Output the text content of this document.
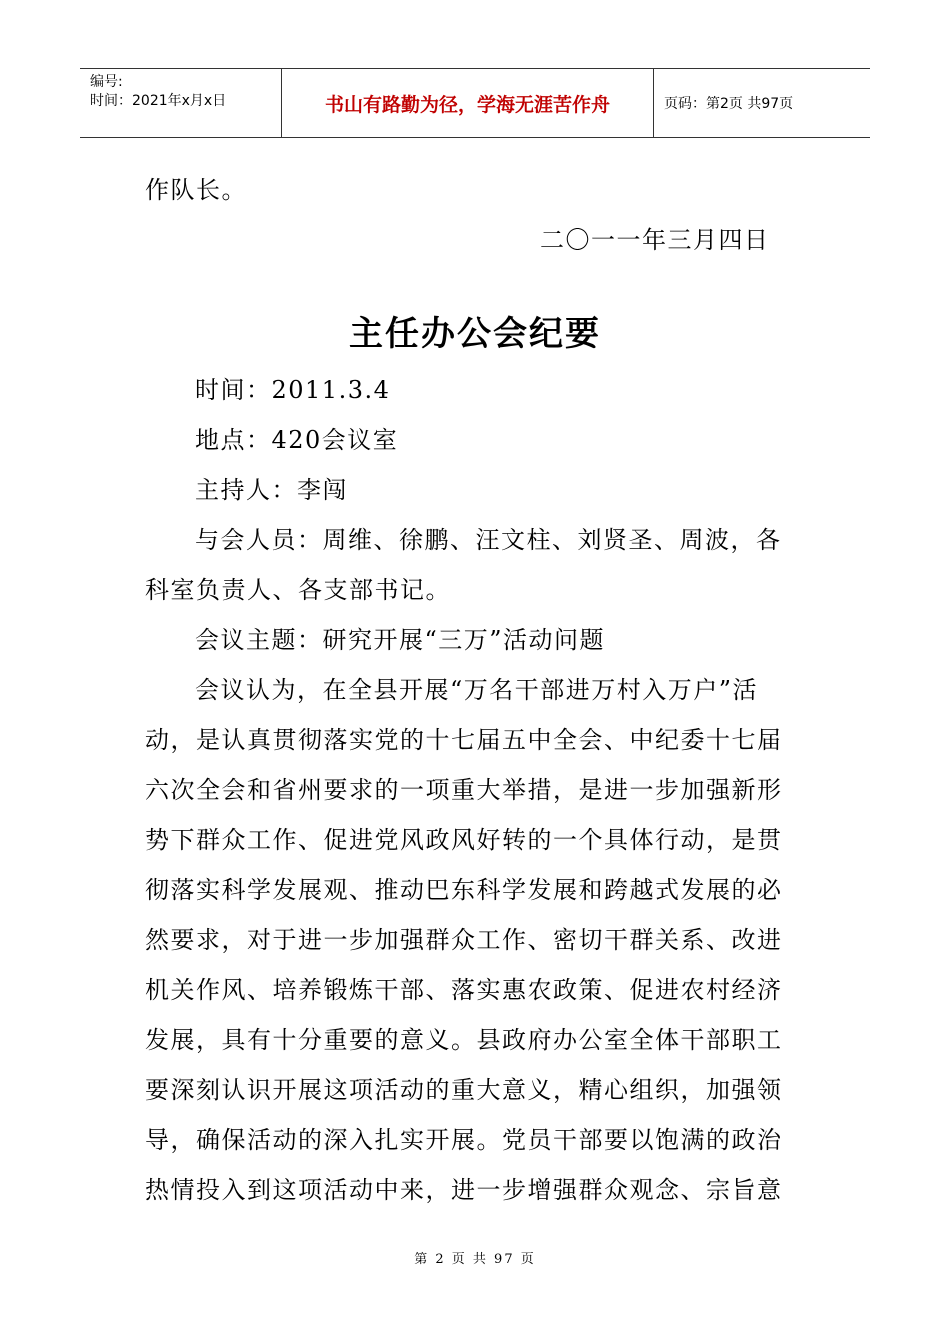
编号:
时间：2021年x月x日	书山有路勤为径，学海无涯苦作舟	页码：第2页 共97页
作队长。
二〇一一年三月四日
主任办公会纪要
时间：2011.3.4
地点：420会议室
主持人：李闯
与会人员：周维、徐鹏、汪文柱、刘贤圣、周波，各
科室负责人、各支部书记。
会议主题：研究开展“三万”活动问题
会议认为，在全县开展“万名干部进万村入万户”活
动，是认真贯彻落实党的十七届五中全会、中纪委十七届
六次全会和省州要求的一项重大举措，是进一步加强新形
势下群众工作、促进党风政风好转的一个具体行动，是贯
彻落实科学发展观、推动巴东科学发展和跨越式发展的必
然要求，对于进一步加强群众工作、密切干群关系、改进
机关作风、培养锻炼干部、落实惠农政策、促进农村经济
发展，具有十分重要的意义。县政府办公室全体干部职工
要深刻认识开展这项活动的重大意义，精心组织，加强领
导，确保活动的深入扎实开展。党员干部要以饱满的政治
热情投入到这项活动中来，进一步增强群众观念、宗旨意
第 2 页 共 97 页
